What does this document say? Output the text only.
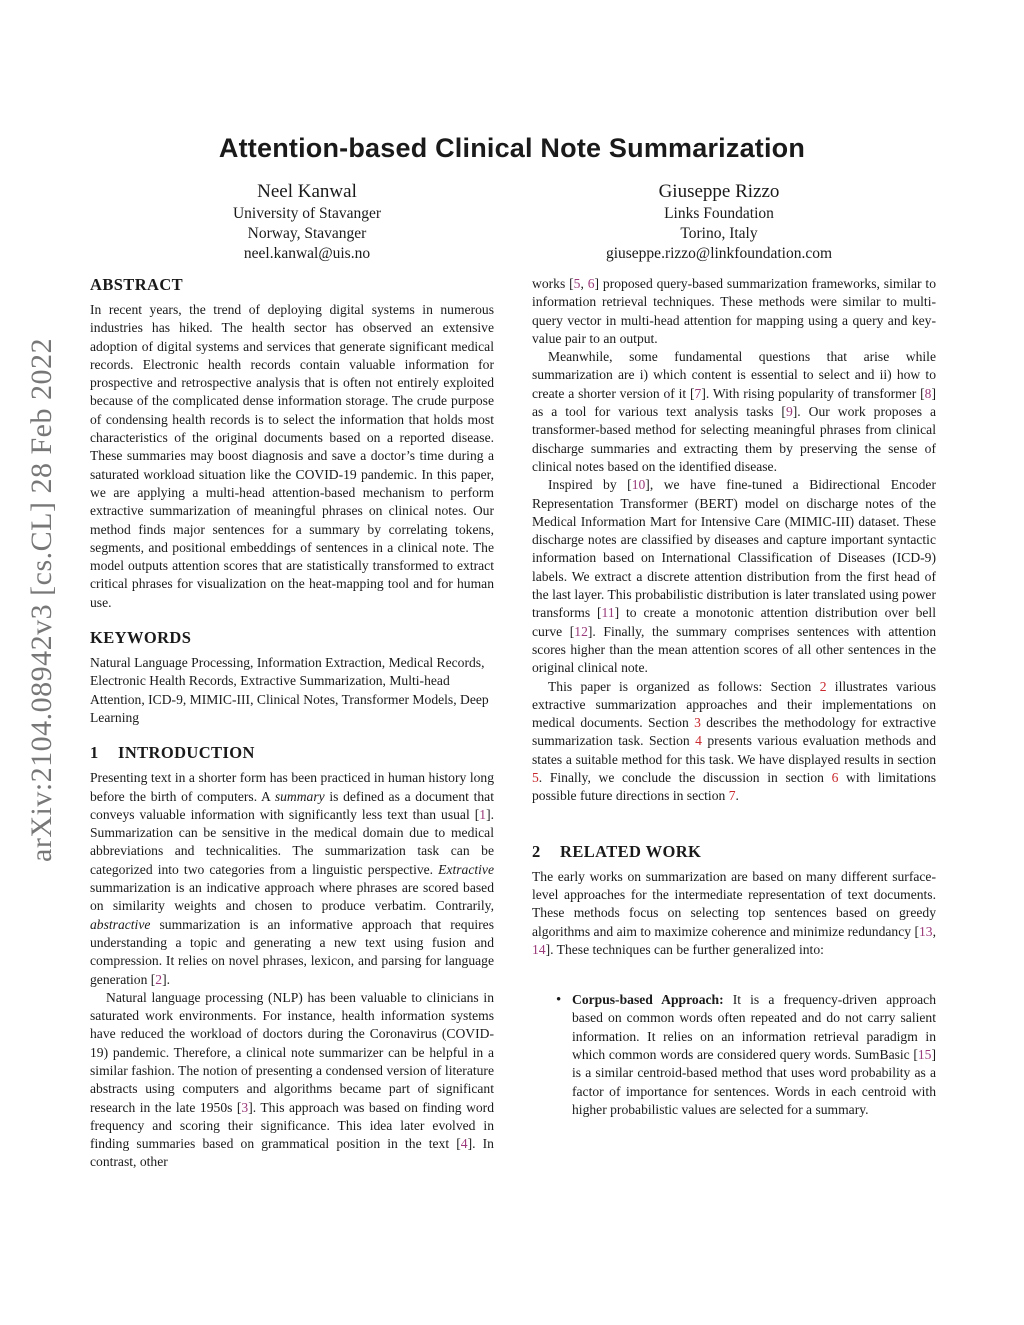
arXiv:2104.08942v3 [cs.CL] 28 Feb 2022
Attention-based Clinical Note Summarization
Neel Kanwal
University of Stavanger
Norway, Stavanger
neel.kanwal@uis.no
Giuseppe Rizzo
Links Foundation
Torino, Italy
giuseppe.rizzo@linkfoundation.com
ABSTRACT

In recent years, the trend of deploying digital systems in numerous industries has hiked. The health sector has observed an extensive adoption of digital systems and services that generate significant medical records. Electronic health records contain valuable information for prospective and retrospective analysis that is often not entirely exploited because of the complicated dense information storage. The crude purpose of condensing health records is to select the information that holds most characteristics of the original documents based on a reported disease. These summaries may boost diagnosis and save a doctor’s time during a saturated workload situation like the COVID-19 pandemic. In this paper, we are applying a multi-head attention-based mechanism to perform extractive summarization of meaningful phrases on clinical notes. Our method finds major sentences for a summary by correlating tokens, segments, and positional embeddings of sentences in a clinical note. The model outputs attention scores that are statistically transformed to extract critical phrases for visualization on the heat-mapping tool and for human use.

KEYWORDS

Natural Language Processing, Information Extraction, Medical Records, Electronic Health Records, Extractive Summarization, Multi-head Attention, ICD-9, MIMIC-III, Clinical Notes, Transformer Models, Deep Learning

1 INTRODUCTION

Presenting text in a shorter form has been practiced in human history long before the birth of computers. A summary is defined as a document that conveys valuable information with significantly less text than usual [1]. Summarization can be sensitive in the medical domain due to medical abbreviations and technicalities. The summarization task can be categorized into two categories from a linguistic perspective. Extractive summarization is an indicative approach where phrases are scored based on similarity weights and chosen to produce verbatim. Contrarily, abstractive summarization is an informative approach that requires understanding a topic and generating a new text using fusion and compression. It relies on novel phrases, lexicon, and parsing for language generation [2].

Natural language processing (NLP) has been valuable to clinicians in saturated work environments. For instance, health information systems have reduced the workload of doctors during the Coronavirus (COVID-19) pandemic. Therefore, a clinical note summarizer can be helpful in a similar fashion. The notion of presenting a condensed version of literature abstracts using computers and algorithms became part of significant research in the late 1950s [3]. This approach was based on finding word frequency and scoring their significance. This idea later evolved in finding summaries based on grammatical position in the text [4]. In contrast, other

works [5, 6] proposed query-based summarization frameworks, similar to information retrieval techniques. These methods were similar to multi-query vector in multi-head attention for mapping using a query and key-value pair to an output.

Meanwhile, some fundamental questions that arise while summarization are i) which content is essential to select and ii) how to create a shorter version of it [7]. With rising popularity of transformer [8] as a tool for various text analysis tasks [9]. Our work proposes a transformer-based method for selecting meaningful phrases from clinical discharge summaries and extracting them by preserving the sense of clinical notes based on the identified disease.

Inspired by [10], we have fine-tuned a Bidirectional Encoder Representation Transformer (BERT) model on discharge notes of the Medical Information Mart for Intensive Care (MIMIC-III) dataset. These discharge notes are classified by diseases and capture important syntactic information based on International Classification of Diseases (ICD-9) labels. We extract a discrete attention distribution from the first head of the last layer. This probabilistic distribution is later translated using power transforms [11] to create a monotonic attention distribution over bell curve [12]. Finally, the summary comprises sentences with attention scores higher than the mean attention scores of all other sentences in the original clinical note.

This paper is organized as follows: Section 2 illustrates various extractive summarization approaches and their implementations on medical documents. Section 3 describes the methodology for extractive summarization task. Section 4 presents various evaluation methods and states a suitable method for this task. We have displayed results in section 5. Finally, we conclude the discussion in section 6 with limitations possible future directions in section 7.

2 RELATED WORK

The early works on summarization are based on many different surface-level approaches for the intermediate representation of text documents. These methods focus on selecting top sentences based on greedy algorithms and aim to maximize coherence and minimize redundancy [13, 14]. These techniques can be further generalized into:

• Corpus-based Approach: It is a frequency-driven approach based on common words often repeated and do not carry salient information. It relies on an information retrieval paradigm in which common words are considered query words. SumBasic [15] is a similar centroid-based method that uses word probability as a factor of importance for sentences. Words in each centroid with higher probabilistic values are selected for a summary.
